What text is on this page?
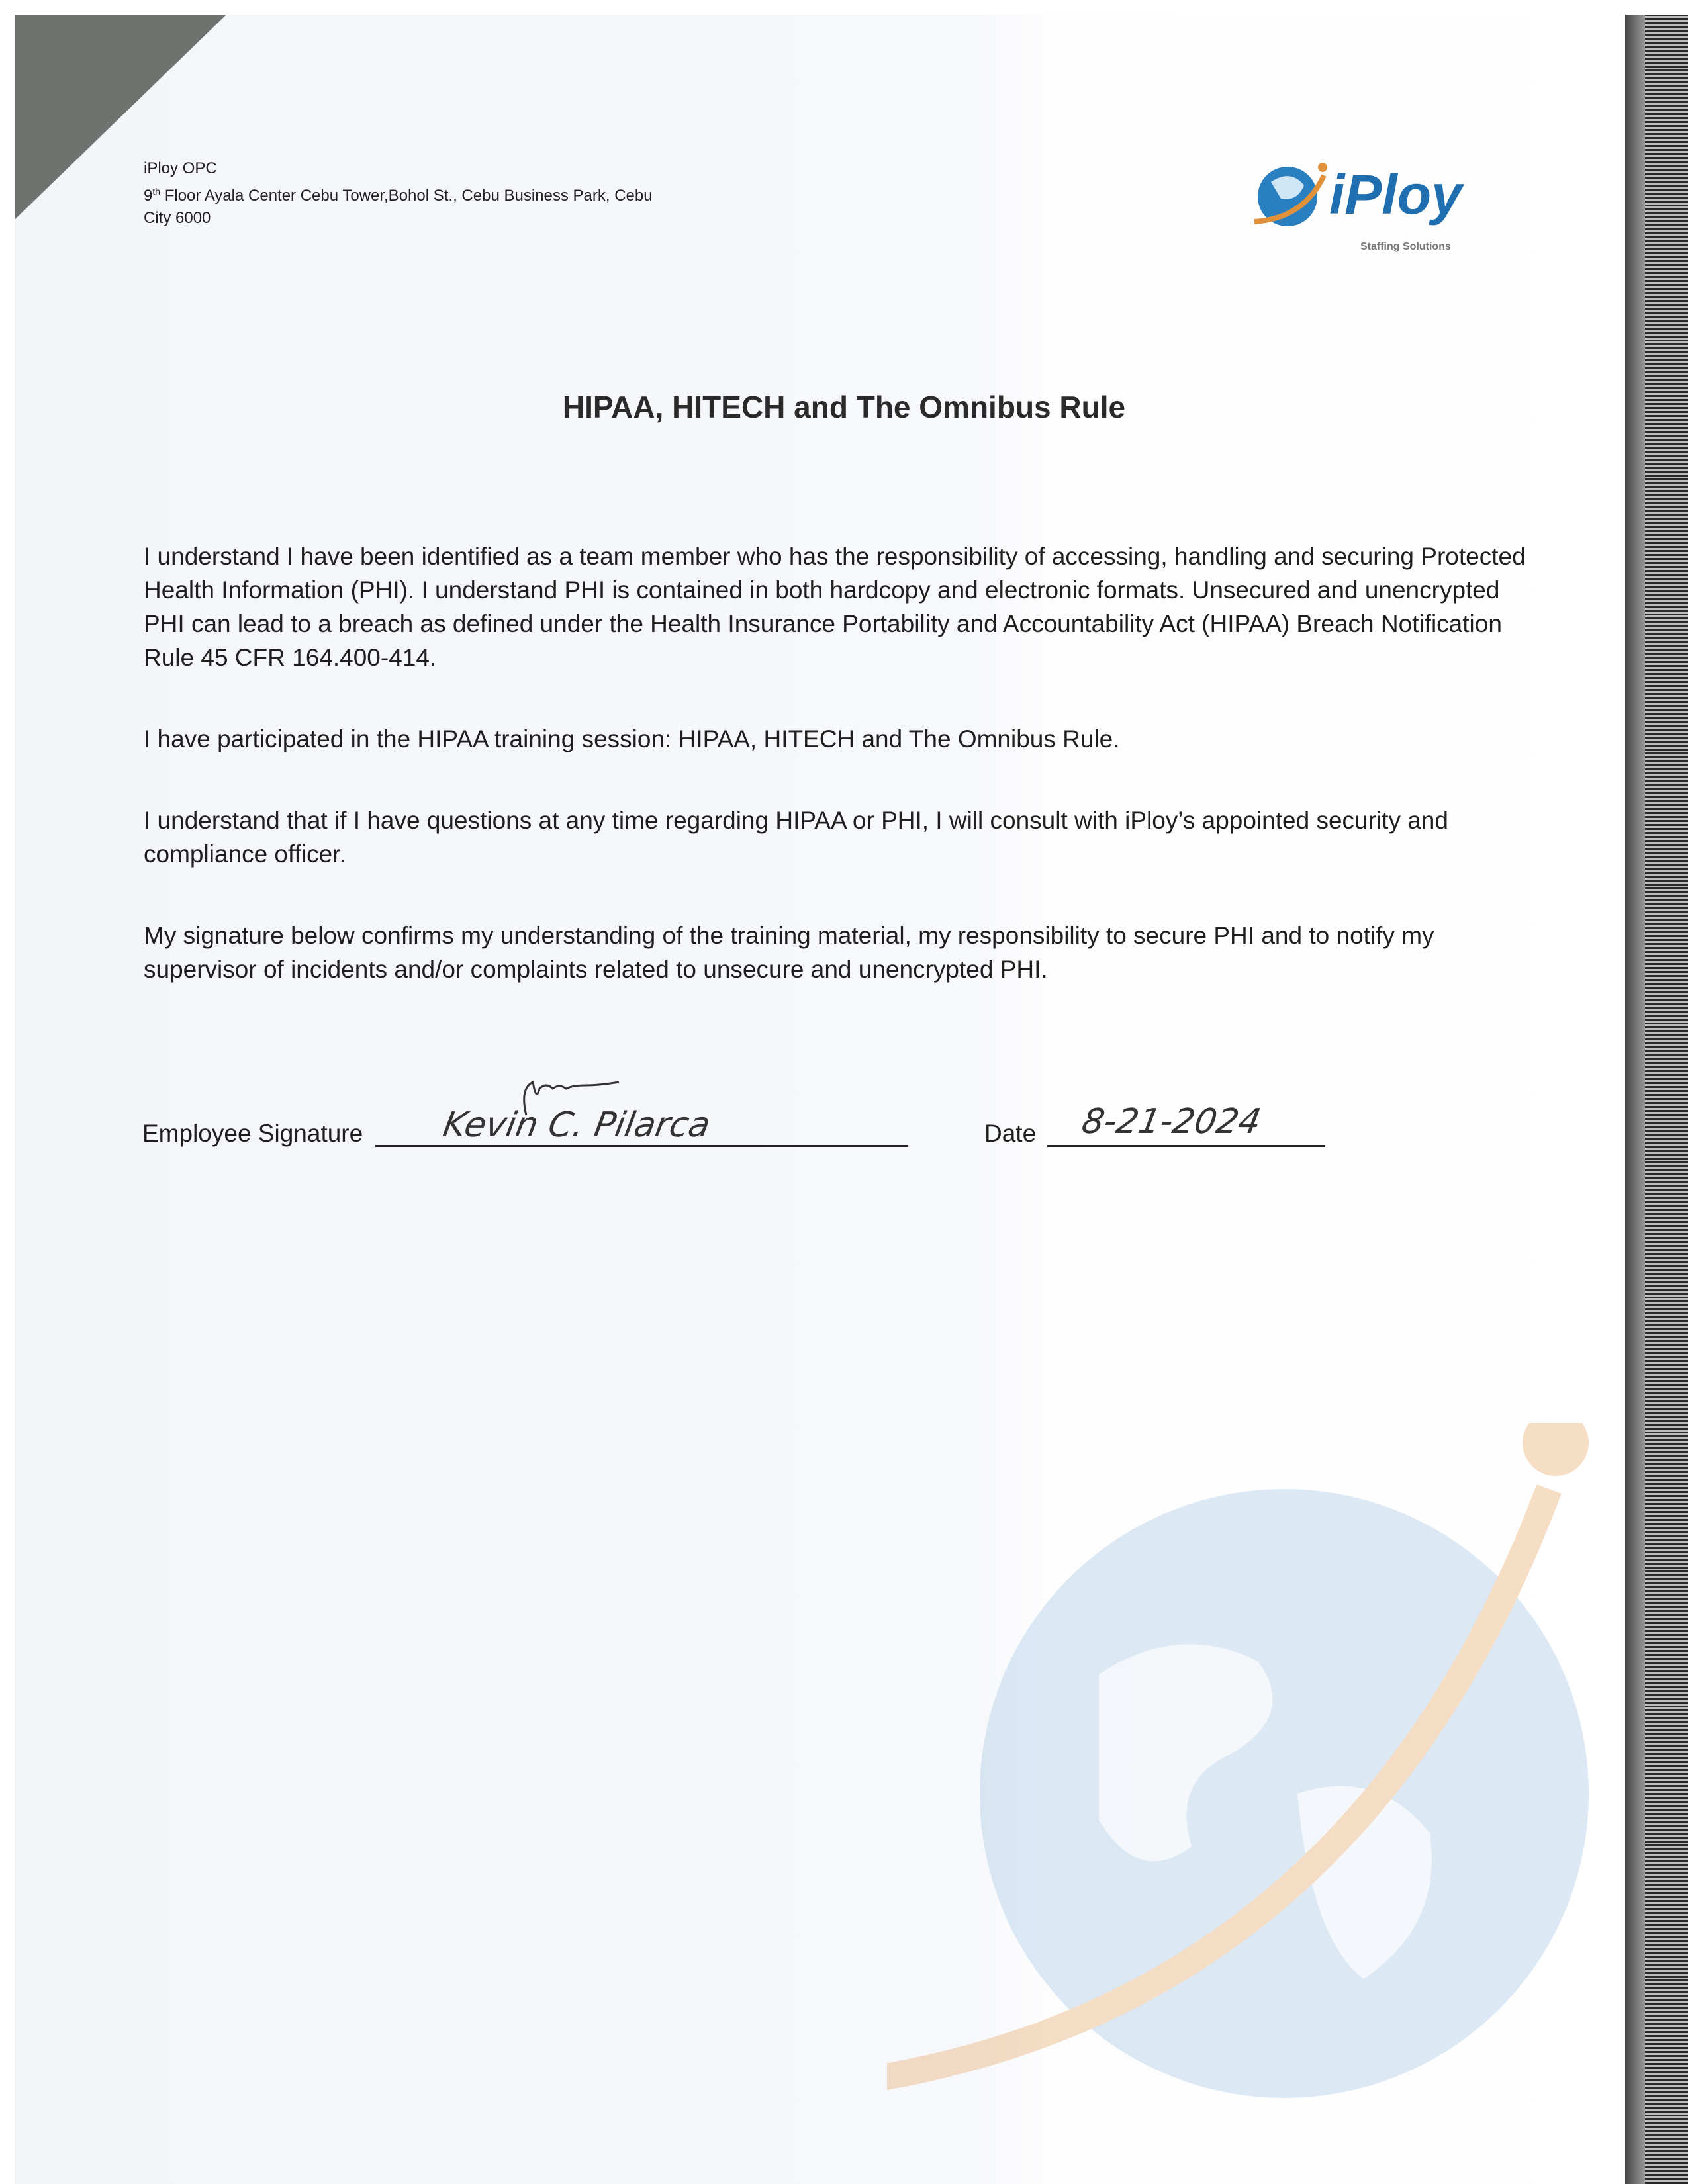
iPloy OPC
9th Floor Ayala Center Cebu Tower,Bohol St., Cebu Business Park, Cebu
City 6000	iPloy
Staffing Solutions
HIPAA, HITECH and The Omnibus Rule
I understand I have been identified as a team member who has the responsibility of accessing, handling and securing Protected Health Information (PHI). I understand PHI is contained in both hardcopy and electronic formats. Unsecured and unencrypted PHI can lead to a breach as defined under the Health Insurance Portability and Accountability Act (HIPAA) Breach Notification Rule 45 CFR 164.400-414.
I have participated in the HIPAA training session: HIPAA, HITECH and The Omnibus Rule.
I understand that if I have questions at any time regarding HIPAA or PHI, I will consult with iPloy’s appointed security and compliance officer.
My signature below confirms my understanding of the training material, my responsibility to secure PHI and to notify my supervisor of incidents and/or complaints related to unsecure and unencrypted PHI.
Employee Signature Kevin C. Pilarca	Date 8-21-2024
